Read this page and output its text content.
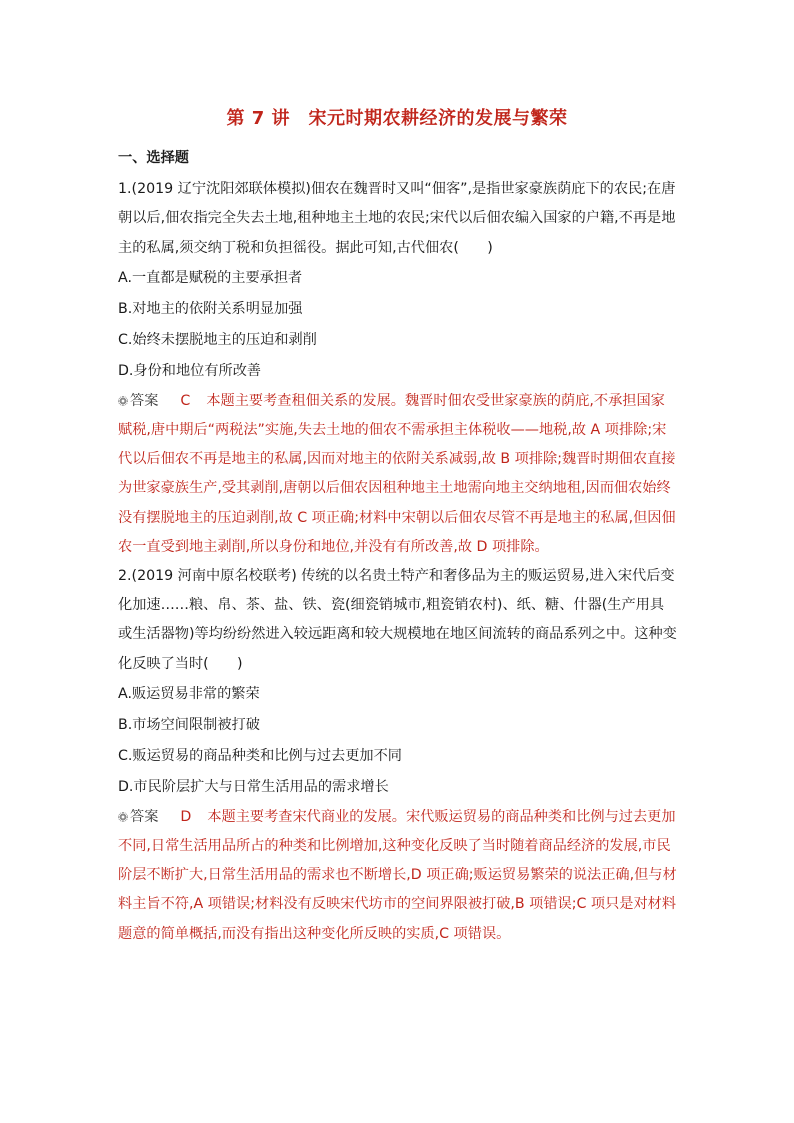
第 7 讲　宋元时期农耕经济的发展与繁荣
一、选择题

1.(2019 辽宁沈阳郊联体模拟)佃农在魏晋时又叫“佃客”,是指世家豪族荫庇下的农民;在唐朝以后,佃农指完全失去土地,租种地主土地的农民;宋代以后佃农编入国家的户籍,不再是地主的私属,须交纳丁税和负担徭役。据此可知,古代佃农(　　)

A.一直都是赋税的主要承担者

B.对地主的依附关系明显加强

C.始终未摆脱地主的压迫和剥削

D.身份和地位有所改善

答案 C 本题主要考查租佃关系的发展。魏晋时佃农受世家豪族的荫庇,不承担国家赋税,唐中期后“两税法”实施,失去土地的佃农不需承担主体税收——地税,故 A 项排除;宋代以后佃农不再是地主的私属,因而对地主的依附关系减弱,故 B 项排除;魏晋时期佃农直接为世家豪族生产,受其剥削,唐朝以后佃农因租种地主土地需向地主交纳地租,因而佃农始终没有摆脱地主的压迫剥削,故 C 项正确;材料中宋朝以后佃农尽管不再是地主的私属,但因佃农一直受到地主剥削,所以身份和地位,并没有有所改善,故 D 项排除。

2.(2019 河南中原名校联考) 传统的以名贵土特产和奢侈品为主的贩运贸易,进入宋代后变化加速……粮、帛、茶、盐、铁、瓷(细瓷销城市,粗瓷销农村)、纸、糖、什器(生产用具或生活器物)等均纷纷然进入较远距离和较大规模地在地区间流转的商品系列之中。这种变化反映了当时(　　)

A.贩运贸易非常的繁荣

B.市场空间限制被打破

C.贩运贸易的商品种类和比例与过去更加不同

D.市民阶层扩大与日常生活用品的需求增长

答案 D 本题主要考查宋代商业的发展。宋代贩运贸易的商品种类和比例与过去更加不同,日常生活用品所占的种类和比例增加,这种变化反映了当时随着商品经济的发展,市民阶层不断扩大,日常生活用品的需求也不断增长,D 项正确;贩运贸易繁荣的说法正确,但与材料主旨不符,A 项错误;材料没有反映宋代坊市的空间界限被打破,B 项错误;C 项只是对材料题意的简单概括,而没有指出这种变化所反映的实质,C 项错误。
